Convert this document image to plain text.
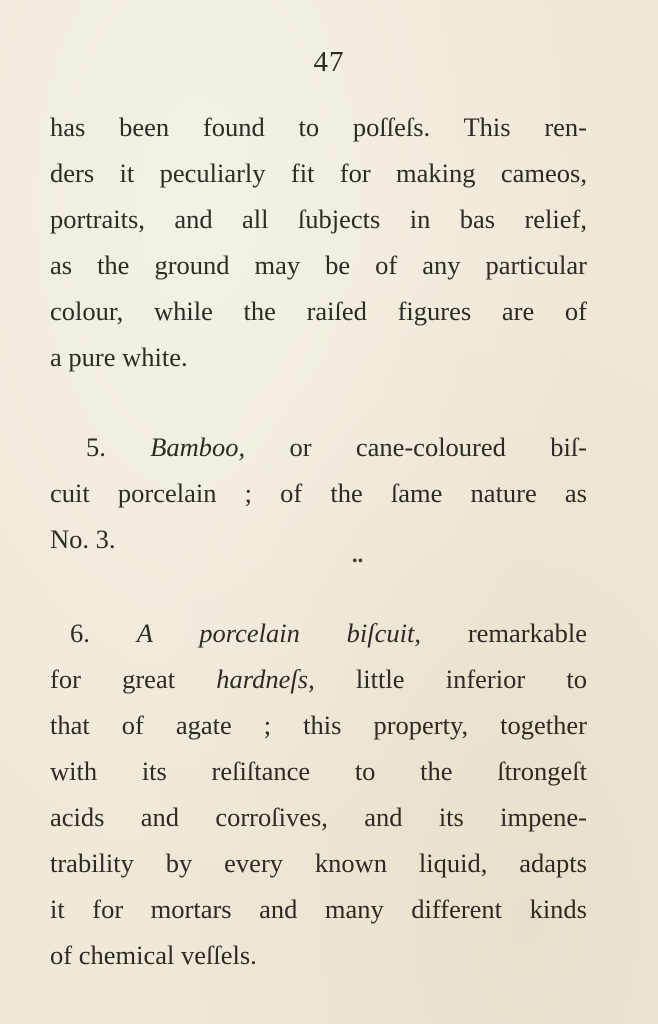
47
has been found to poſſeſs. This ren-
ders it peculiarly fit for making cameos,
portraits, and all ſubjects in bas relief,
as the ground may be of any particular
colour, while the raiſed figures are of
a pure white.
5. Bamboo, or cane-coloured biſ-
cuit porcelain ; of the ſame nature as
No. 3.
••
6. A porcelain biſcuit, remarkable
for great hardneſs, little inferior to
that of agate ; this property, together
with its reſiſtance to the ſtrongeſt
acids and corroſives, and its impene-
trability by every known liquid, adapts
it for mortars and many different kinds
of chemical veſſels.
